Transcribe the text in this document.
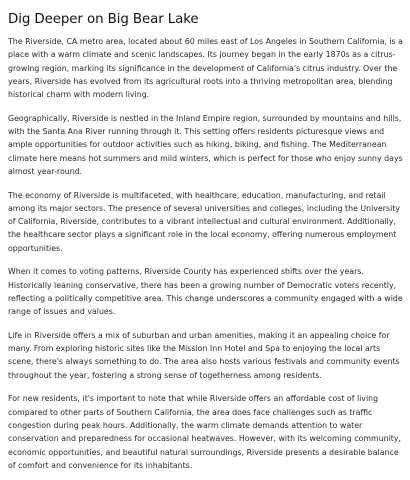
Dig Deeper on Big Bear Lake

The Riverside, CA metro area, located about 60 miles east of Los Angeles in Southern California, is a place with a warm climate and scenic landscapes. Its journey began in the early 1870s as a citrus-growing region, marking its significance in the development of California's citrus industry. Over the years, Riverside has evolved from its agricultural roots into a thriving metropolitan area, blending historical charm with modern living.

Geographically, Riverside is nestled in the Inland Empire region, surrounded by mountains and hills, with the Santa Ana River running through it. This setting offers residents picturesque views and ample opportunities for outdoor activities such as hiking, biking, and fishing. The Mediterranean climate here means hot summers and mild winters, which is perfect for those who enjoy sunny days almost year-round.

The economy of Riverside is multifaceted, with healthcare, education, manufacturing, and retail among its major sectors. The presence of several universities and colleges, including the University of California, Riverside, contributes to a vibrant intellectual and cultural environment. Additionally, the healthcare sector plays a significant role in the local economy, offering numerous employment opportunities.

When it comes to voting patterns, Riverside County has experienced shifts over the years. Historically leaning conservative, there has been a growing number of Democratic voters recently, reflecting a politically competitive area. This change underscores a community engaged with a wide range of issues and values.

Life in Riverside offers a mix of suburban and urban amenities, making it an appealing choice for many. From exploring historic sites like the Mission Inn Hotel and Spa to enjoying the local arts scene, there's always something to do. The area also hosts various festivals and community events throughout the year, fostering a strong sense of togetherness among residents.

For new residents, it's important to note that while Riverside offers an affordable cost of living compared to other parts of Southern California, the area does face challenges such as traffic congestion during peak hours. Additionally, the warm climate demands attention to water conservation and preparedness for occasional heatwaves. However, with its welcoming community, economic opportunities, and beautiful natural surroundings, Riverside presents a desirable balance of comfort and convenience for its inhabitants.
